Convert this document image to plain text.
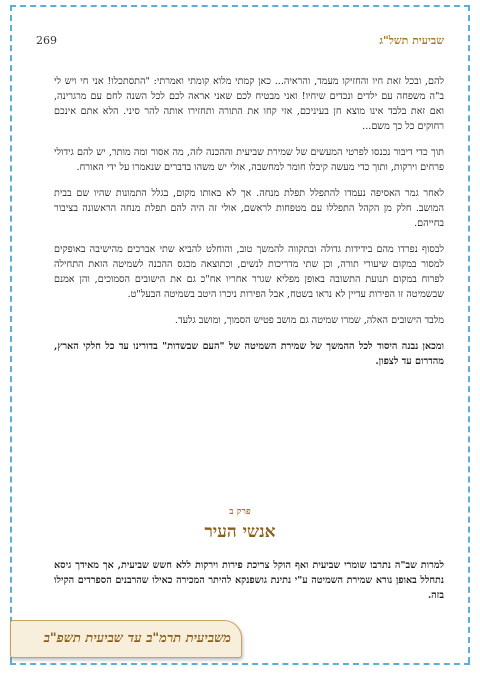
שביעית תשל"ג
269

להם, ובכל זאת חיו והחזיקו מעמד, והראיה... כאן קמתי מלוא קומתי ואמרתי: "התסתכלו! אני חי ויש לי ב"ה משפחה עם ילדים ונכדים שיחיו! ואני מבטיח לכם שאני אראה לכם לכל השנה לחם עם מרגרינה, ואם זאת בלבד אינו מוצא חן בעיניכם, אזי קחו את התורה ותחזירו אותה להר סיני. הלא אתם אינכם רחוקים כל כך משם...

תוך כדי דיבור נכנסו לפרטי המעשים של שמירת שביעית וההכנה לזה, מה אסור ומה מותר, יש להם גידולי פרחים וירקות, ותוך כדי מעשה קיבלו חומר למחשבה, אולי יש משהו בדברים שנאמרו על ידי האורח.

לאחר גמר האסיפה נעמדו להתפלל תפלת מנחה. אך לא באותו מקום, בגלל התמונות שהיו שם בבית המושב. חלק מן הקהל התפללו עם מטפחות לראשם, אולי זה היה להם תפלת מנחה הראשונה בציבור בחייהם.

לבסוף נפרדו מהם בידידות גדולה ובתקווה להמשך טוב, והוחלט להביא שתי אברכים מהישיבה באופקים למסור במקום שיעורי תורה, וכן שתי מדריכות לנשים, וכתוצאה מכגס ההכנה לשמיטה הזאת התחילה לפרוח במקום תנועת התשובה באופן מפליא שגרר אחריו אח"כ גם את הישובים הסמוכים, והן אמנם שבשמיטה זו הפירות עדיין לא נראו בשטח, אבל הפירות ניכרו היטב בשמיטה הבעל"ט.

מלבד הישובים האלה, שמרו שמיטה גם מושב פטיש הסמוך, ומושב גלעד.

ומכאן נבנה היסוד לכל ההמשך של שמירת השמיטה של "העם שבשדות" בדורינו עד כל חלקי הארץ, מהדרום עד לצפון.

פרק ב
אנשי העיר
למרות שב"ה נתרבו שומרי שביעית ואף הוקל צריכת פירות וירקות ללא חשש שביעית, אך מאידך גיסא נתחלל באופן נורא שמירת השמיטה ע"י נתינת גושפנקא להיתר המכירה כאילו שהרבנים הספרדים הקילו בזה.
משביעית תרמ"ב עד שביעית תשפ"ב
